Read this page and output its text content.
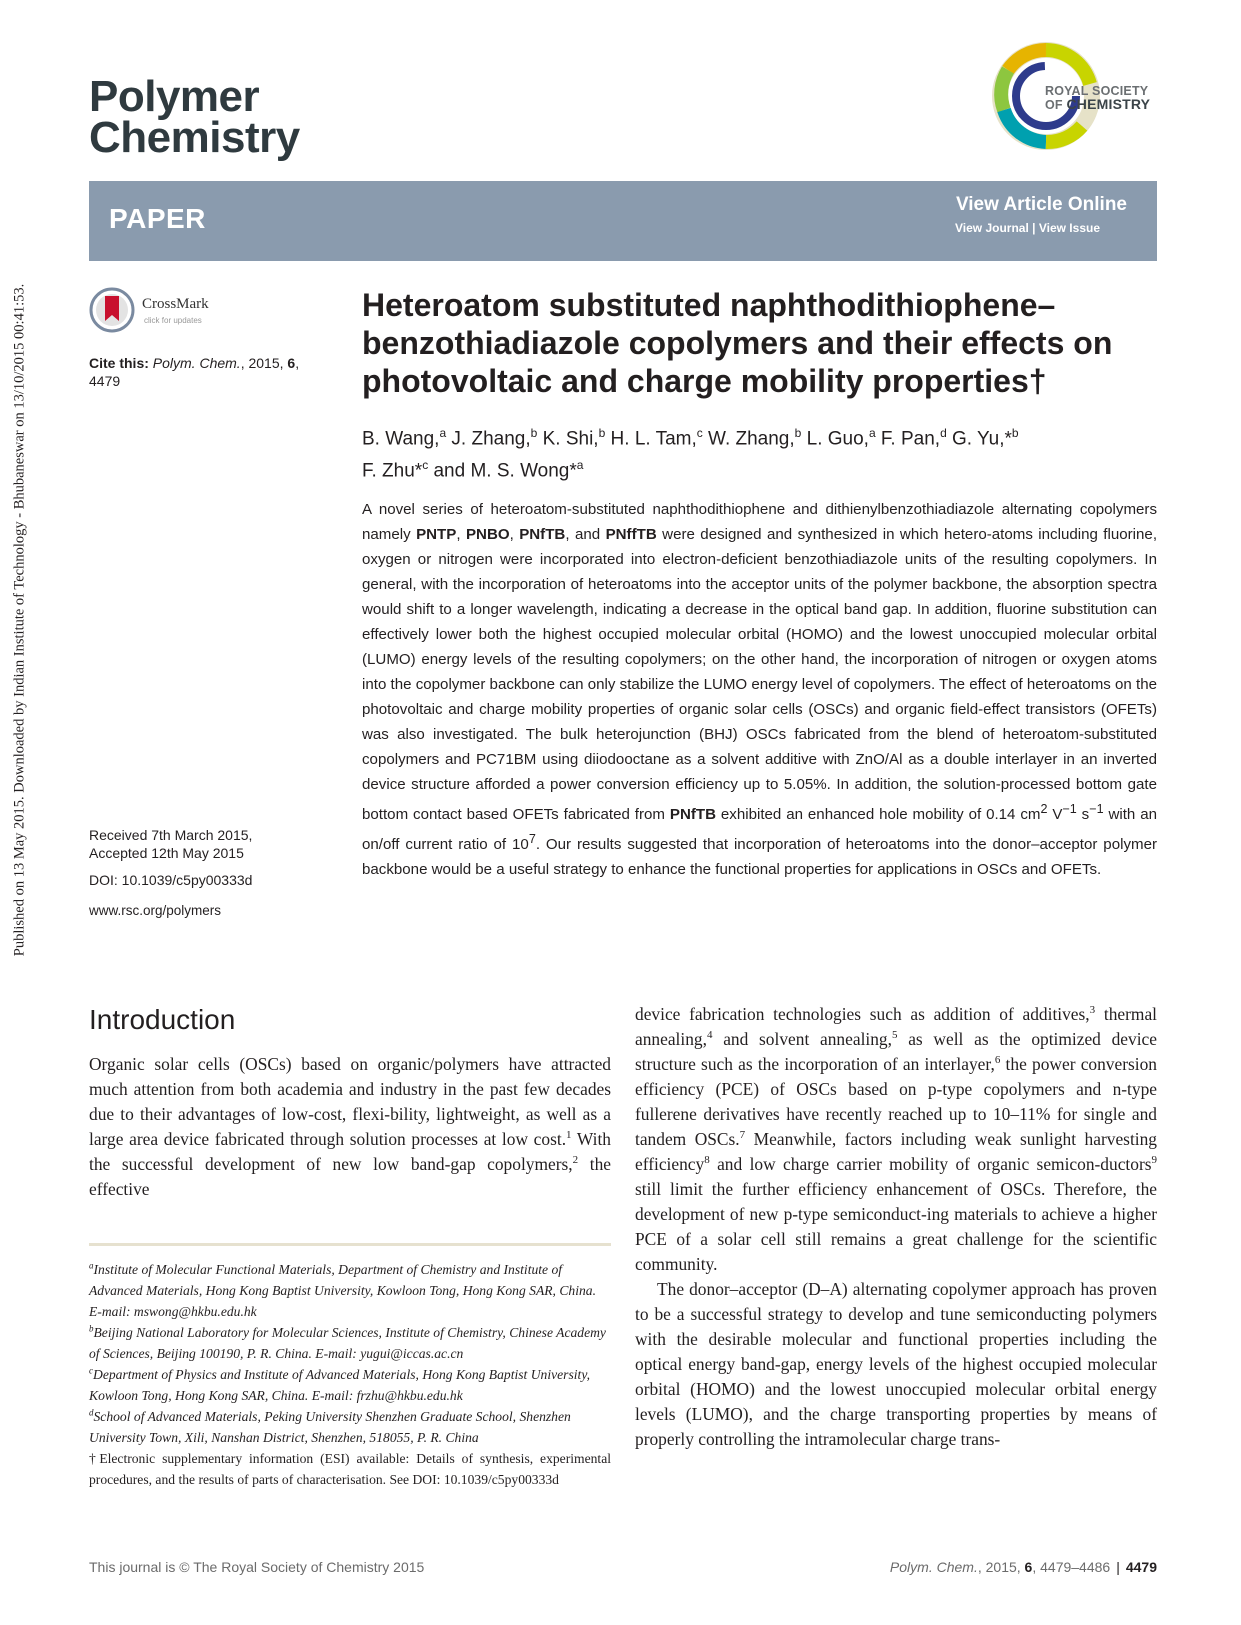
Published on 13 May 2015. Downloaded by Indian Institute of Technology - Bhubaneswar on 13/10/2015 00:41:53.
Polymer
Chemistry
ROYAL SOCIETY
OF CHEMISTRY
PAPER	View Article Online
View Journal | View Issue
CrossMark
click for updates
Cite this: Polym. Chem., 2015, 6,
4479
Received 7th March 2015,
Accepted 12th May 2015
DOI: 10.1039/c5py00333d
www.rsc.org/polymers
Heteroatom substituted naphthodithiophene–benzothiadiazole copolymers and their effects on photovoltaic and charge mobility properties†
B. Wang,$^a$ J. Zhang,$^b$ K. Shi,$^b$ H. L. Tam,$^c$ W. Zhang,$^b$ L. Guo,$^a$ F. Pan,$^d$ G. Yu,*$^b$
F. Zhu*$^c$ and M. S. Wong*$^a$
A novel series of heteroatom-substituted naphthodithiophene and dithienylbenzothiadiazole alternating copolymers namely PNTP, PNBO, PNfTB, and PNffTB were designed and synthesized in which hetero-atoms including fluorine, oxygen or nitrogen were incorporated into electron-deficient benzothiadiazole units of the resulting copolymers. In general, with the incorporation of heteroatoms into the acceptor units of the polymer backbone, the absorption spectra would shift to a longer wavelength, indicating a decrease in the optical band gap. In addition, fluorine substitution can effectively lower both the highest occupied molecular orbital (HOMO) and the lowest unoccupied molecular orbital (LUMO) energy levels of the resulting copolymers; on the other hand, the incorporation of nitrogen or oxygen atoms into the copolymer backbone can only stabilize the LUMO energy level of copolymers. The effect of heteroatoms on the photovoltaic and charge mobility properties of organic solar cells (OSCs) and organic field-effect transistors (OFETs) was also investigated. The bulk heterojunction (BHJ) OSCs fabricated from the blend of heteroatom-substituted copolymers and PC71BM using diiodooctane as a solvent additive with ZnO/Al as a double interlayer in an inverted device structure afforded a power conversion efficiency up to 5.05%. In addition, the solution-processed bottom gate bottom contact based OFETs fabricated from PNfTB exhibited an enhanced hole mobility of 0.14 $cm^2$ $V^{-1}$ $s^{-1}$ with an on/off current ratio of $10^7$. Our results suggested that incorporation of heteroatoms into the donor–acceptor polymer backbone would be a useful strategy to enhance the functional properties for applications in OSCs and OFETs.
Introduction
Organic solar cells (OSCs) based on organic/polymers have attracted much attention from both academia and industry in the past few decades due to their advantages of low-cost, flexi-bility, lightweight, as well as a large area device fabricated through solution processes at low cost.$^1$ With the successful development of new low band-gap copolymers,$^2$ the effective
device fabrication technologies such as addition of additives,$^3$ thermal annealing,$^4$ and solvent annealing,$^5$ as well as the optimized device structure such as the incorporation of an interlayer,$^6$ the power conversion efficiency (PCE) of OSCs based on p-type copolymers and n-type fullerene derivatives have recently reached up to 10–11% for single and tandem OSCs.$^7$ Meanwhile, factors including weak sunlight harvesting efficiency$^8$ and low charge carrier mobility of organic semicon-ductors$^9$ still limit the further efficiency enhancement of OSCs. Therefore, the development of new p-type semiconduct-ing materials to achieve a higher PCE of a solar cell still remains a great challenge for the scientific community.
The donor–acceptor (D–A) alternating copolymer approach has proven to be a successful strategy to develop and tune semiconducting polymers with the desirable molecular and functional properties including the optical energy band-gap, energy levels of the highest occupied molecular orbital (HOMO) and the lowest unoccupied molecular orbital energy levels (LUMO), and the charge transporting properties by means of properly controlling the intramolecular charge trans-
$^a$Institute of Molecular Functional Materials, Department of Chemistry and Institute of Advanced Materials, Hong Kong Baptist University, Kowloon Tong, Hong Kong SAR, China. E-mail: mswong@hkbu.edu.hk
$^b$Beijing National Laboratory for Molecular Sciences, Institute of Chemistry, Chinese Academy of Sciences, Beijing 100190, P. R. China. E-mail: yugui@iccas.ac.cn
$^c$Department of Physics and Institute of Advanced Materials, Hong Kong Baptist University, Kowloon Tong, Hong Kong SAR, China. E-mail: frzhu@hkbu.edu.hk
$^d$School of Advanced Materials, Peking University Shenzhen Graduate School, Shenzhen University Town, Xili, Nanshan District, Shenzhen, 518055, P. R. China
†Electronic supplementary information (ESI) available: Details of synthesis, experimental procedures, and the results of parts of characterisation. See DOI: 10.1039/c5py00333d
This journal is © The Royal Society of Chemistry 2015	Polym. Chem., 2015, 6, 4479–4486 | 4479
